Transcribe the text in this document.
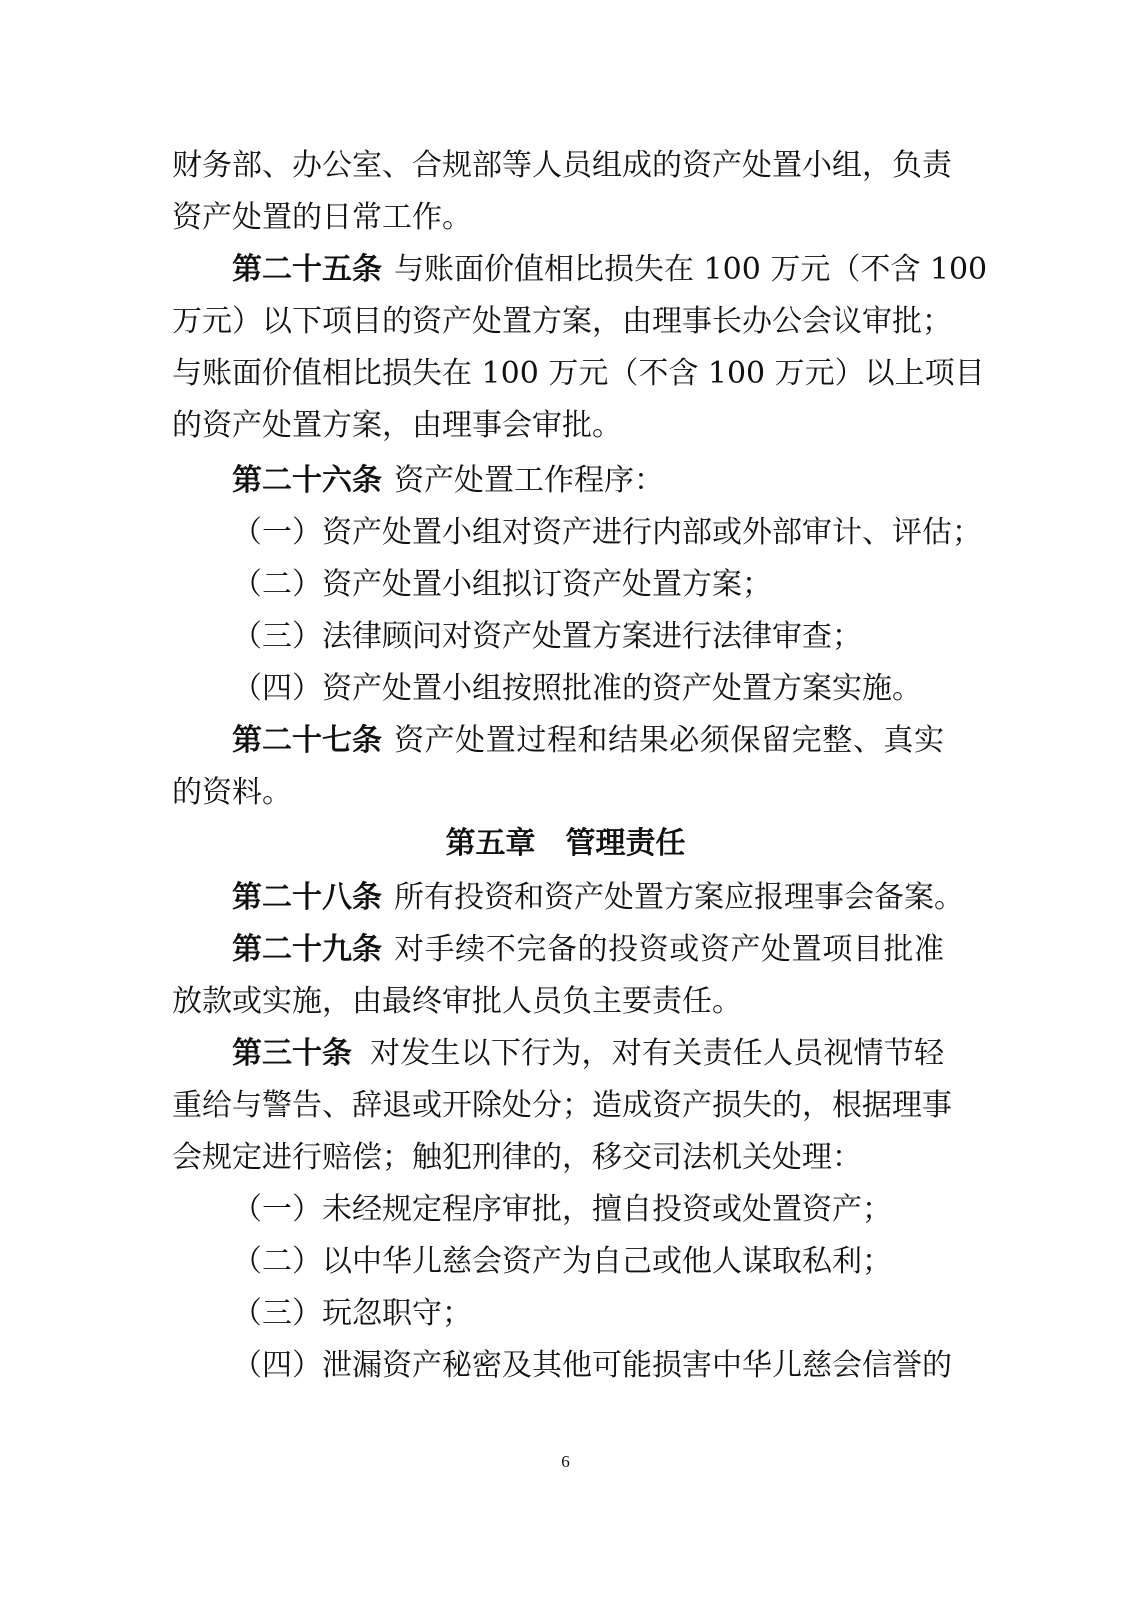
财务部、办公室、合规部等人员组成的资产处置小组，负责
资产处置的日常工作。
第二十五条 与账面价值相比损失在 100 万元（不含 100
万元）以下项目的资产处置方案，由理事长办公会议审批；
与账面价值相比损失在 100 万元（不含 100 万元）以上项目
的资产处置方案，由理事会审批。
第二十六条 资产处置工作程序：
（一）资产处置小组对资产进行内部或外部审计、评估；
（二）资产处置小组拟订资产处置方案；
（三）法律顾问对资产处置方案进行法律审查；
（四）资产处置小组按照批准的资产处置方案实施。
第二十七条 资产处置过程和结果必须保留完整、真实
的资料。
第五章　管理责任
第二十八条 所有投资和资产处置方案应报理事会备案。
第二十九条 对手续不完备的投资或资产处置项目批准
放款或实施，由最终审批人员负主要责任。
第三十条 对发生以下行为，对有关责任人员视情节轻
重给与警告、辞退或开除处分；造成资产损失的，根据理事
会规定进行赔偿；触犯刑律的，移交司法机关处理：
（一）未经规定程序审批，擅自投资或处置资产；
（二）以中华儿慈会资产为自己或他人谋取私利；
（三）玩忽职守；
（四）泄漏资产秘密及其他可能损害中华儿慈会信誉的
6
